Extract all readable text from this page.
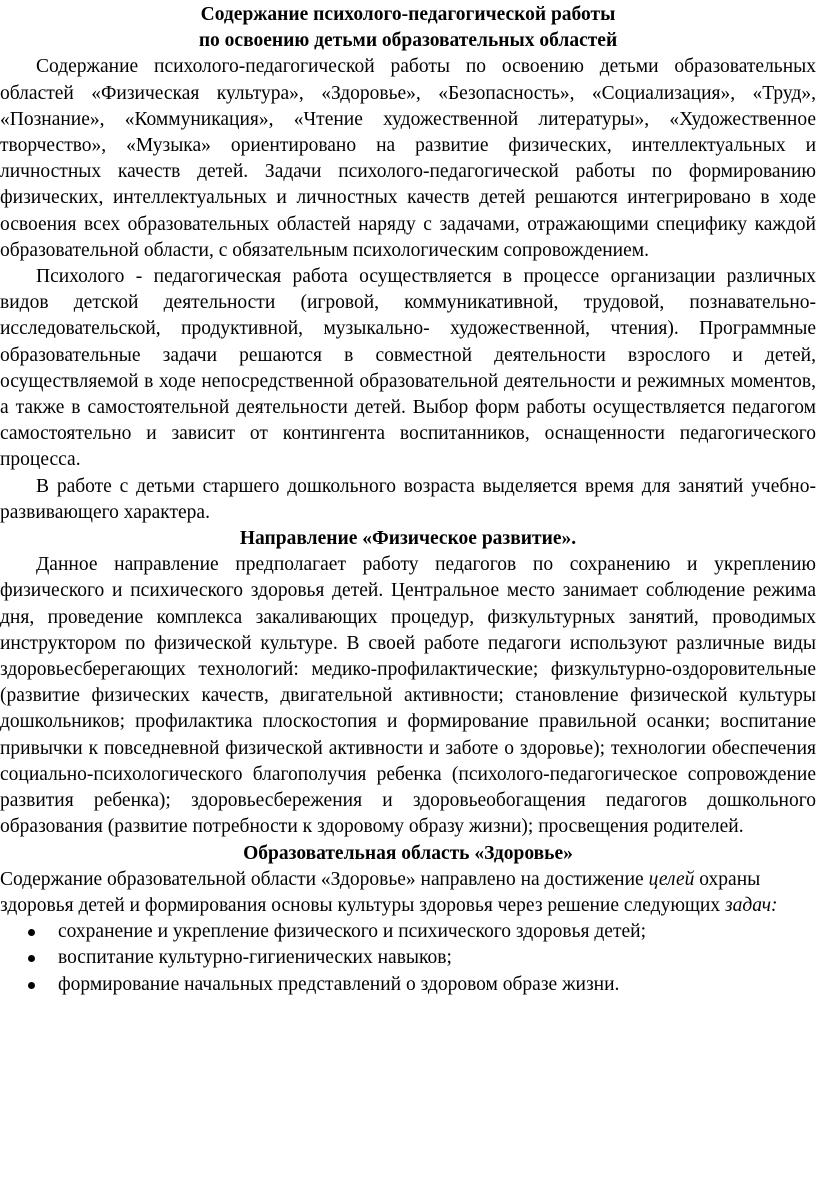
Содержание психолого-педагогической работы
по освоению детьми образовательных областей

Содержание психолого-педагогической работы по освоению детьми образовательных областей «Физическая культура», «Здоровье», «Безопасность», «Социализация», «Труд», «Познание», «Коммуникация», «Чтение художественной литературы», «Художественное творчество», «Музыка» ориентировано на развитие физических, интеллектуальных и личностных качеств детей. Задачи психолого-педагогической работы по формированию физических, интеллектуальных и личностных качеств детей решаются интегрировано в ходе освоения всех образовательных областей наряду с задачами, отражающими специфику каждой образовательной области, с обязательным психологическим сопровождением.

Психолого - педагогическая работа осуществляется в процессе организации различных видов детской деятельности (игровой, коммуникативной, трудовой, познавательно- исследовательской, продуктивной, музыкально- художественной, чтения). Программные образовательные задачи решаются в совместной деятельности взрослого и детей, осуществляемой в ходе непосредственной образовательной деятельности и режимных моментов, а также в самостоятельной деятельности детей. Выбор форм работы осуществляется педагогом самостоятельно и зависит от контингента воспитанников, оснащенности педагогического процесса.

В работе с детьми старшего дошкольного возраста выделяется время для занятий учебно-развивающего характера.

Направление «Физическое развитие».

Данное направление предполагает работу педагогов по сохранению и укреплению физического и психического здоровья детей. Центральное место занимает соблюдение режима дня, проведение комплекса закаливающих процедур, физкультурных занятий, проводимых инструктором по физической культуре. В своей работе педагоги используют различные виды здоровьесберегающих технологий: медико-профилактические; физкультурно-оздоровительные (развитие физических качеств, двигательной активности; становление физической культуры дошкольников; профилактика плоскостопия и формирование правильной осанки; воспитание привычки к повседневной физической активности и заботе о здоровье); технологии обеспечения социально-психологического благополучия ребенка (психолого-педагогическое сопровождение развития ребенка); здоровьесбережения и здоровьеобогащения педагогов дошкольного образования (развитие потребности к здоровому образу жизни); просвещения родителей.

Образовательная область «Здоровье»

Содержание образовательной области «Здоровье» направлено на достижение целей охраны здоровья детей и формирования основы культуры здоровья через решение следующих задач:

сохранение и укрепление физического и психического здоровья детей;
воспитание культурно-гигиенических навыков;
формирование начальных представлений о здоровом образе жизни.
